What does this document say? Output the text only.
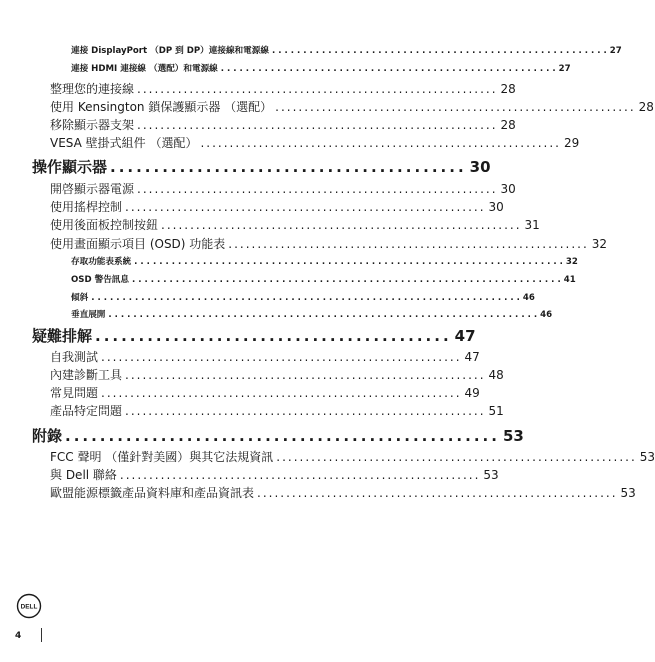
連接 DisplayPort （DP 到 DP）連接線和電源線 . . . . . . . . . . . . . . . . . . . . . . . . . . . . . . . . . . . . . . . . . . . . . . . . . . . . . . 27
連接 HDMI 連接線 （選配）和電源線 . . . . . . . . . . . . . . . . . . . . . . . . . . . . . . . . . . . . . . . . . . . . . . . . . . . . . . 27
整理您的連接線 .............................................................. 28
使用 Kensington 鎖保護顯示器 （選配） .............................................................. 28
移除顯示器支架 .............................................................. 28
VESA 壁掛式組件 （選配） .............................................................. 29
操作顯示器 ......................................... 30
開啓顯示器電源 .............................................................. 30
使用搖桿控制 .............................................................. 30
使用後面板控制按鈕 .............................................................. 31
使用畫面顯示項目 (OSD) 功能表 .............................................................. 32
存取功能表系統 . . . . . . . . . . . . . . . . . . . . . . . . . . . . . . . . . . . . . . . . . . . . . . . . . . . . . . . . . . . . . . . . . . . . . 32
OSD 警告訊息 . . . . . . . . . . . . . . . . . . . . . . . . . . . . . . . . . . . . . . . . . . . . . . . . . . . . . . . . . . . . . . . . . . . . . 41
傾斜 . . . . . . . . . . . . . . . . . . . . . . . . . . . . . . . . . . . . . . . . . . . . . . . . . . . . . . . . . . . . . . . . . . . . . 46
垂直展開 . . . . . . . . . . . . . . . . . . . . . . . . . . . . . . . . . . . . . . . . . . . . . . . . . . . . . . . . . . . . . . . . . . . . . 46
疑難排解 ......................................... 47
自我測試 .............................................................. 47
內建診斷工具 .............................................................. 48
常見問題 .............................................................. 49
產品特定問題 .............................................................. 51
附錄 .................................................. 53
FCC 聲明 （僅針對美國）與其它法規資訊 .............................................................. 53
與 Dell 聯絡 .............................................................. 53
歐盟能源標籤產品資料庫和產品資訊表 .............................................................. 53
DELL
4
